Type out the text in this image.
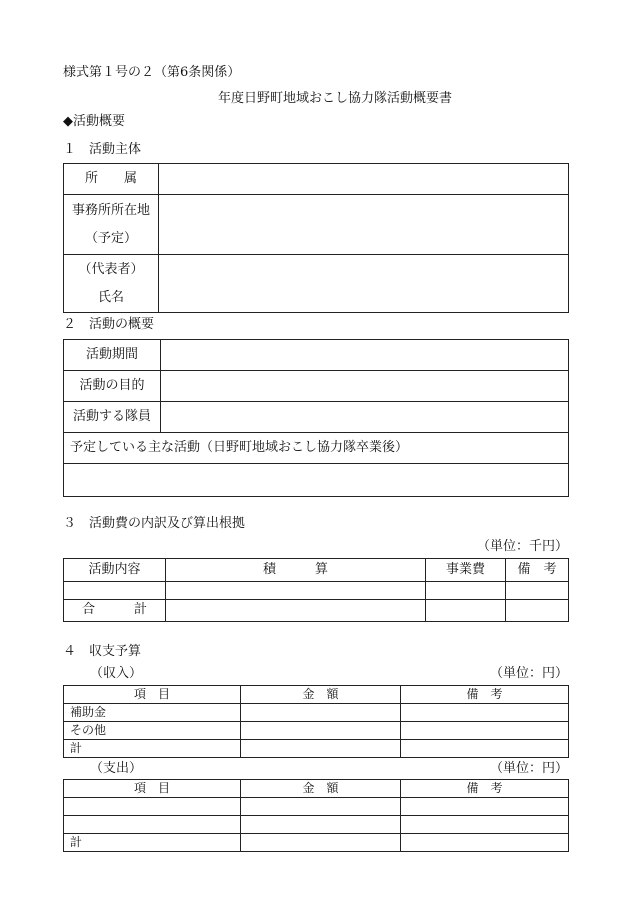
様式第１号の２（第6条関係）
年度日野町地域おこし協力隊活動概要書
◆活動概要
１　活動主体
所　　属	

事務所所在地
（予定）	

（代表者）
氏名	

２　活動の概要
活動期間	
活動の目的	
活動する隊員	
予定している主な活動（日野町地域おこし協力隊卒業後）	

３　活動費の内訳及び算出根拠
（単位：千円）
活動内容	積　　　算	事業費	備　考

合　　　計			
４　収支予算
（収入）	（単位：円）
項　目	金　額	備　考
補助金		
その他		
計		
（支出）	（単位：円）
項　目	金　額	備　考

計		
